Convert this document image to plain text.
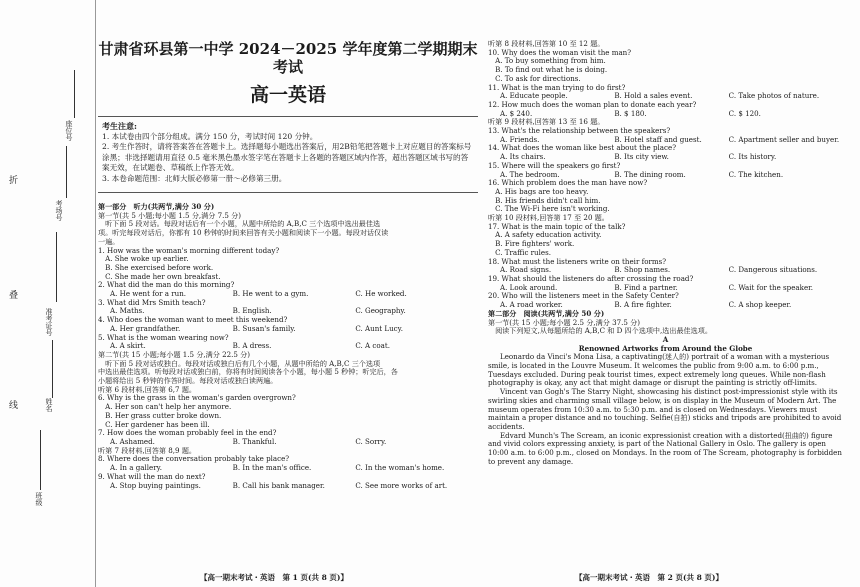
折
叠
线
班级
姓名
准考证号
考场号
座位号
甘肃省环县第一中学 2024－2025 学年度第二学期期末考试
高一英语
考生注意:

1. 本试卷由四个部分组成。满分 150 分，考试时间 120 分钟。

2. 考生作答时，请将答案答在答题卡上。选择题每小题选出答案后，用2B铅笔把答题卡上对应题目的答案标号涂黑；非选择题请用直径 0.5 毫米黑色墨水签字笔在答题卡上各题的答题区域内作答，超出答题区域书写的答案无效，在试题卷、草稿纸上作答无效。

3. 本卷命题范围：北师大版必修第一册～必修第三册。

第一部分　听力(共两节,满分 30 分)
第一节(共 5 小题;每小题 1.5 分,满分 7.5 分)
　听下面 5 段对话。每段对话后有一个小题，从题中所给的 A,B,C 三个选项中选出最佳选
项。听完每段对话后，你都有 10 秒钟的时间来回答有关小题和阅读下一小题。每段对话仅读
一遍。
1. How was the woman's morning different today?
　A. She woke up earlier.
　B. She exercised before work.
　C. She made her own breakfast.
2. What did the man do this morning?
A. He went for a run.	B. He went to a gym.	C. He worked.
3. What did Mrs Smith teach?
A. Maths.	B. English.	C. Geography.
4. Who does the woman want to meet this weekend?
A. Her grandfather.	B. Susan's family.	C. Aunt Lucy.
5. What is the woman wearing now?
A. A skirt.	B. A dress.	C. A coat.
第二节(共 15 小题;每小题 1.5 分,满分 22.5 分)
　听下面 5 段对话或独白。每段对话或独白后有几个小题，从题中所给的 A,B,C 三个选项
中选出最佳选项。听每段对话或独白前，你将有时间阅读各个小题，每小题 5 秒钟；听完后，各
小题将给出 5 秒钟的作答时间。每段对话或独白读两遍。
听第 6 段材料,回答第 6,7 题。
6. Why is the grass in the woman's garden overgrown?
　A. Her son can't help her anymore.
　B. Her grass cutter broke down.
　C. Her gardener has been ill.
7. How does the woman probably feel in the end?
A. Ashamed.	B. Thankful.	C. Sorry.
听第 7 段材料,回答第 8,9 题。
8. Where does the conversation probably take place?
A. In a gallery.	B. In the man's office.	C. In the woman's home.
9. What will the man do next?
A. Stop buying paintings.	B. Call his bank manager.	C. See more works of art.
听第 8 段材料,回答第 10 至 12 题。
10. Why does the woman visit the man?
　A. To buy something from him.
　B. To find out what he is doing.
　C. To ask for directions.
11. What is the man trying to do first?
A. Educate people.	B. Hold a sales event.	C. Take photos of nature.
12. How much does the woman plan to donate each year?
A. $ 240.	B. $ 180.	C. $ 120.
听第 9 段材料,回答第 13 至 16 题。
13. What's the relationship between the speakers?
A. Friends.	B. Hotel staff and guest.	C. Apartment seller and buyer.
14. What does the woman like best about the place?
A. Its chairs.	B. Its city view.	C. Its history.
15. Where will the speakers go first?
A. The bedroom.	B. The dining room.	C. The kitchen.
16. Which problem does the man have now?
　A. His bags are too heavy.
　B. His friends didn't call him.
　C. The Wi-Fi here isn't working.
听第 10 段材料,回答第 17 至 20 题。
17. What is the main topic of the talk?
　A. A safety education activity.
　B. Fire fighters' work.
　C. Traffic rules.
18. What must the listeners write on their forms?
A. Road signs.	B. Shop names.	C. Dangerous situations.
19. What should the listeners do after crossing the road?
A. Look around.	B. Find a partner.	C. Wait for the speaker.
20. Who will the listeners meet in the Safety Center?
A. A road worker.	B. A fire fighter.	C. A shop keeper.
第二部分　阅读(共两节,满分 50 分)
第一节(共 15 小题;每小题 2.5 分,满分 37.5 分)
　阅读下列短文,从每题所给的 A,B,C 和 D 四个选项中,选出最佳选项。
A
Renowned Artworks from Around the Globe
Leonardo da Vinci's Mona Lisa, a captivating(迷人的) portrait of a woman with a mysterious smile, is located in the Louvre Museum. It welcomes the public from 9:00 a.m. to 6:00 p.m., Tuesdays excluded. During peak tourist times, expect extremely long queues. While non-flash photography is okay, any act that might damage or disrupt the painting is strictly off-limits.
Vincent van Gogh's The Starry Night, showcasing his distinct post-impressionist style with its swirling skies and charming small village below, is on display in the Museum of Modern Art. The museum operates from 10:30 a.m. to 5:30 p.m. and is closed on Wednesdays. Viewers must maintain a proper distance and no touching. Selfie(自拍) sticks and tripods are prohibited to avoid accidents.
Edvard Munch's The Scream, an iconic expressionist creation with a distorted(扭曲的) figure and vivid colors expressing anxiety, is part of the National Gallery in Oslo. The gallery is open 10:00 a.m. to 6:00 p.m., closed on Mondays. In the room of The Scream, photography is forbidden to prevent any damage.
【高一期末考试・英语　第 1 页(共 8 页)】	【高一期末考试・英语　第 2 页(共 8 页)】
